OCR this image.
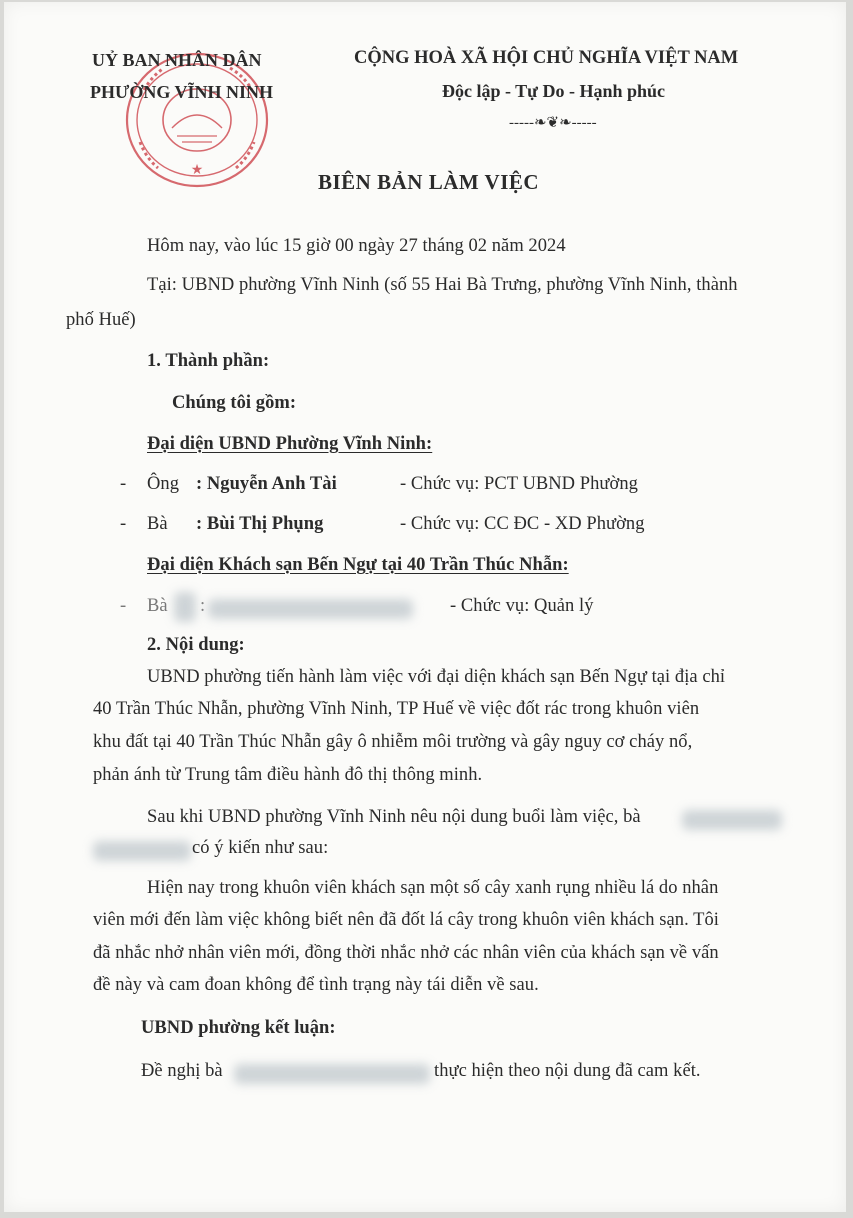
★
UỶ BAN NHÂN DÂN
PHƯỜNG VĨNH NINH
CỘNG HOÀ XÃ HỘI CHỦ NGHĨA VIỆT NAM
Độc lập - Tự Do - Hạnh phúc
-----❧❦❧-----
BIÊN BẢN LÀM VIỆC
Hôm nay, vào lúc 15 giờ 00 ngày 27 tháng 02 năm 2024
Tại: UBND phường Vĩnh Ninh (số 55 Hai Bà Trưng, phường Vĩnh Ninh, thành
phố Huế)
1. Thành phần:
Chúng tôi gồm:
Đại diện UBND Phường Vĩnh Ninh:
- Ông : Nguyễn Anh Tài	- Chức vụ: PCT UBND Phường
- Bà : Bùi Thị Phụng	- Chức vụ: CC ĐC - XD Phường
Đại diện Khách sạn Bến Ngự tại 40 Trần Thúc Nhẫn:
- Bà :	- Chức vụ: Quản lý
2. Nội dung:
UBND phường tiến hành làm việc với đại diện khách sạn Bến Ngự tại địa chỉ
40 Trần Thúc Nhẫn, phường Vĩnh Ninh, TP Huế về việc đốt rác trong khuôn viên
khu đất tại 40 Trần Thúc Nhẫn gây ô nhiễm môi trường và gây nguy cơ cháy nổ,
phản ánh từ Trung tâm điều hành đô thị thông minh.
Sau khi UBND phường Vĩnh Ninh nêu nội dung buổi làm việc, bà
có ý kiến như sau:
Hiện nay trong khuôn viên khách sạn một số cây xanh rụng nhiều lá do nhân
viên mới đến làm việc không biết nên đã đốt lá cây trong khuôn viên khách sạn. Tôi
đã nhắc nhở nhân viên mới, đồng thời nhắc nhở các nhân viên của khách sạn về vấn
đề này và cam đoan không để tình trạng này tái diễn về sau.
UBND phường kết luận:
Đề nghị bà	thực hiện theo nội dung đã cam kết.
